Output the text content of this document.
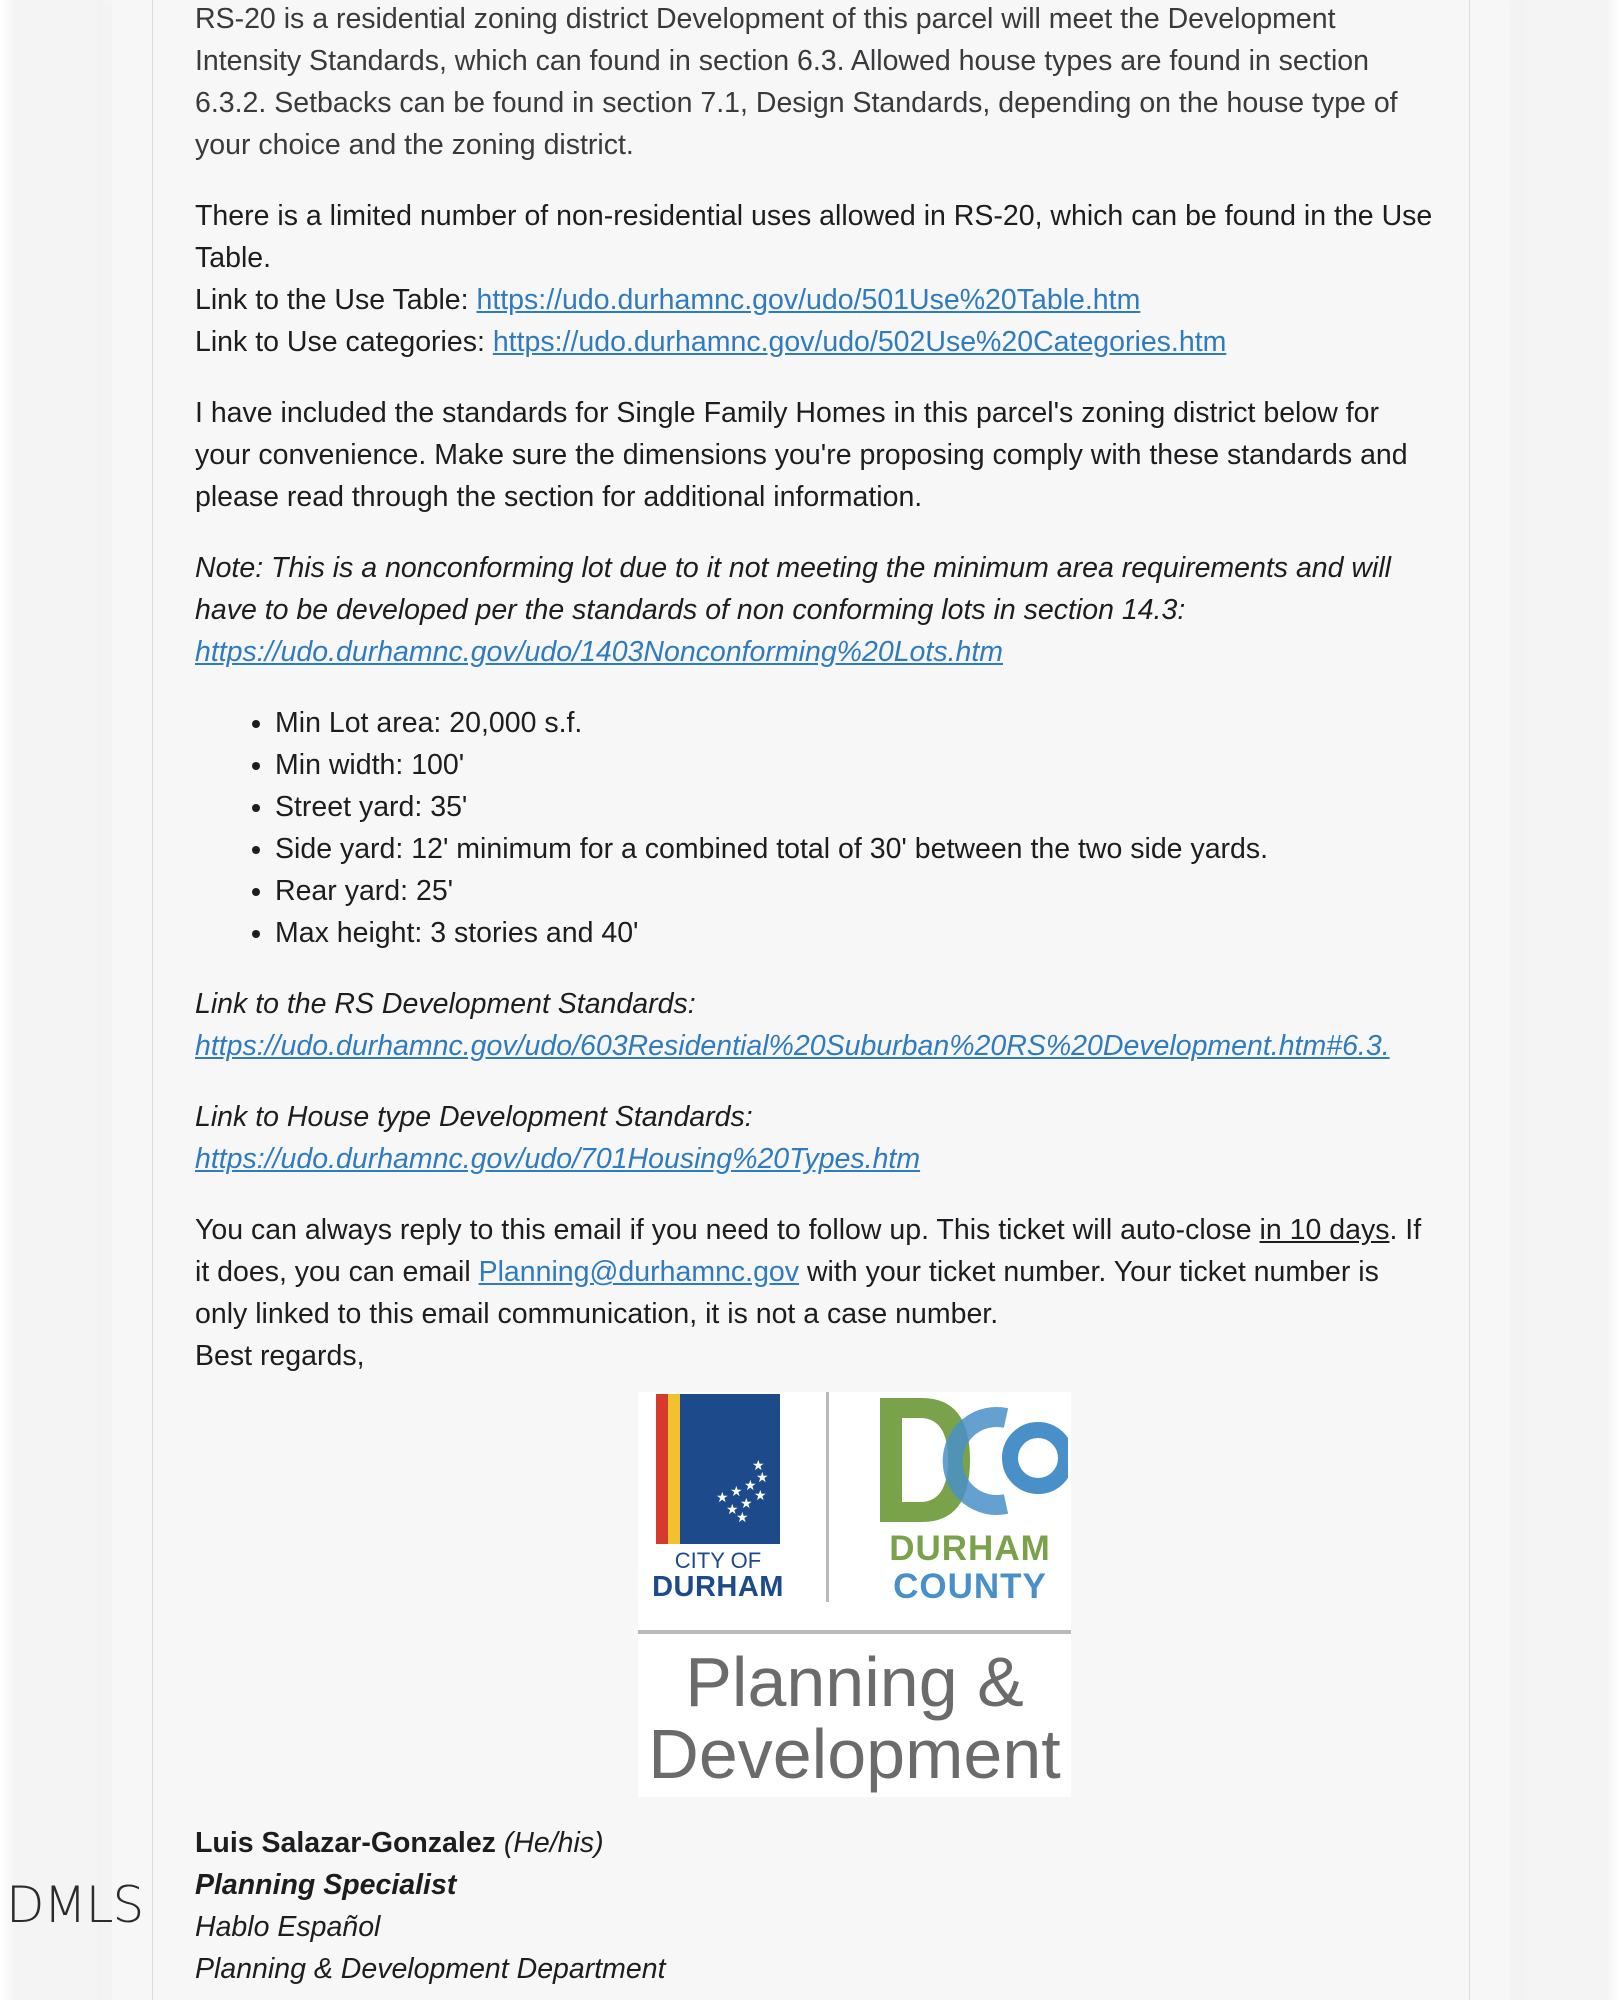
RS-20 is a residential zoning district Development of this parcel will meet the Development Intensity Standards, which can found in section 6.3. Allowed house types are found in section 6.3.2. Setbacks can be found in section 7.1, Design Standards, depending on the house type of your choice and the zoning district.

There is a limited number of non-residential uses allowed in RS-20, which can be found in the Use Table.
Link to the Use Table: https://udo.durhamnc.gov/udo/501Use%20Table.htm
Link to Use categories: https://udo.durhamnc.gov/udo/502Use%20Categories.htm

I have included the standards for Single Family Homes in this parcel's zoning district below for your convenience. Make sure the dimensions you're proposing comply with these standards and please read through the section for additional information.

Note: This is a nonconforming lot due to it not meeting the minimum area requirements and will have to be developed per the standards of non conforming lots in section 14.3: https://udo.durhamnc.gov/udo/1403Nonconforming%20Lots.htm

• Min Lot area: 20,000 s.f.
• Min width: 100'
• Street yard: 35'
• Side yard: 12' minimum for a combined total of 30' between the two side yards.
• Rear yard: 25'
• Max height: 3 stories and 40'

Link to the RS Development Standards: https://udo.durhamnc.gov/udo/603Residential%20Suburban%20RS%20Development.htm#6.3.

Link to House type Development Standards: https://udo.durhamnc.gov/udo/701Housing%20Types.htm

You can always reply to this email if you need to follow up. This ticket will auto-close in 10 days. If it does, you can email Planning@durhamnc.gov with your ticket number. Your ticket number is only linked to this email communication, it is not a case number.
Best regards,

★ ★ ★ ★
★ ★ ★
★
★
CITY OF
DURHAM
DURHAM
COUNTY
Planning &
Development

Luis Salazar-Gonzalez (He/his)

Planning Specialist

Hablo Español

Planning & Development Department

DMLS
